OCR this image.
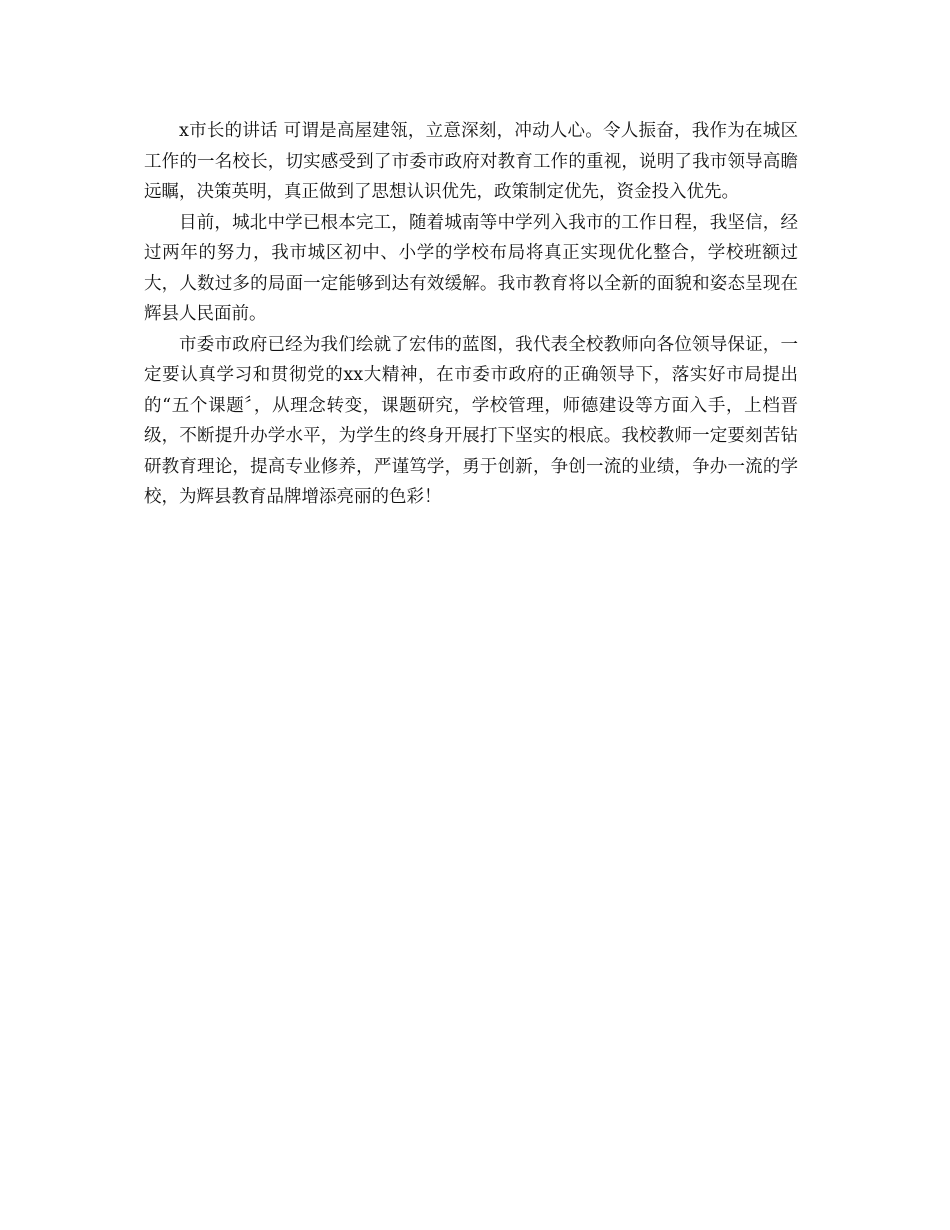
x市长的讲话 可谓是高屋建瓴，立意深刻，冲动人心。令人振奋，我作为在城区工作的一名校长，切实感受到了市委市政府对教育工作的重视，说明了我市领导高瞻远瞩，决策英明，真正做到了思想认识优先，政策制定优先，资金投入优先。

目前，城北中学已根本完工，随着城南等中学列入我市的工作日程，我坚信，经过两年的努力，我市城区初中、小学的学校布局将真正实现优化整合，学校班额过大，人数过多的局面一定能够到达有效缓解。我市教育将以全新的面貌和姿态呈现在辉县人民面前。

市委市政府已经为我们绘就了宏伟的蓝图，我代表全校教师向各位领导保证，一定要认真学习和贯彻党的xx大精神，在市委市政府的正确领导下，落实好市局提出的“五个课题〞，从理念转变，课题研究，学校管理，师德建设等方面入手，上档晋级，不断提升办学水平，为学生的终身开展打下坚实的根底。我校教师一定要刻苦钻研教育理论，提高专业修养，严谨笃学，勇于创新，争创一流的业绩，争办一流的学校，为辉县教育品牌增添亮丽的色彩！
